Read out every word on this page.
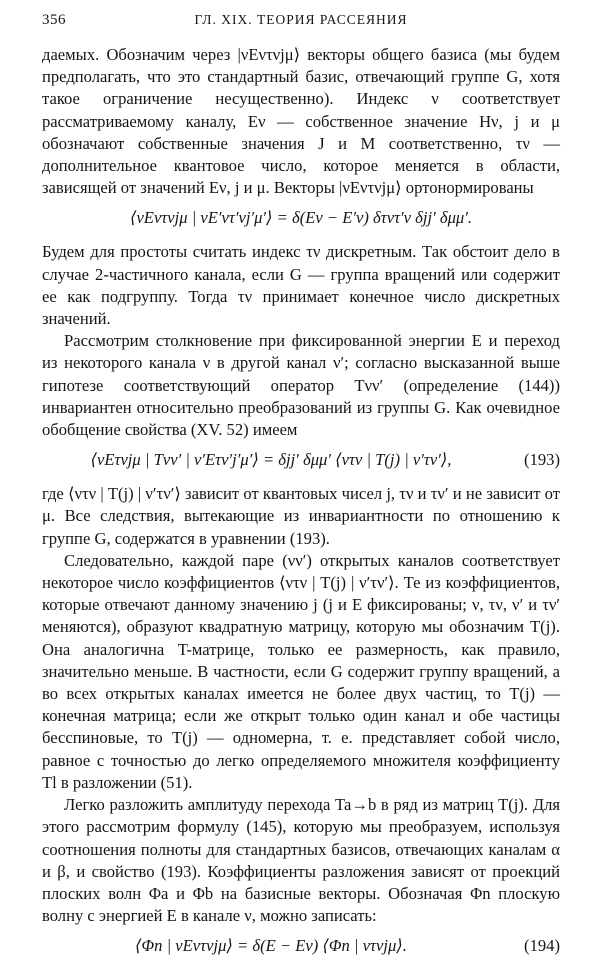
356	ГЛ. XIX. ТЕОРИЯ РАССЕЯНИЯ

даемых. Обозначим через |νEντνjμ⟩ векторы общего базиса (мы будем предполагать, что это стандартный базис, отвечающий группе G, хотя такое ограничение несущественно). Индекс ν соответствует рассматриваемому каналу, Eν — собственное значение Hν, j и μ обозначают собственные значения J и M соответственно, τν — дополнительное квантовое число, которое меняется в области, зависящей от значений Eν, j и μ. Векторы |νEντνjμ⟩ ортонормированы

⟨νEντνjμ | νE′ντ′νj′μ′⟩ = δ(Eν − E′ν) δτντ′ν δjj′ δμμ′.

Будем для простоты считать индекс τν дискретным. Так обстоит дело в случае 2-частичного канала, если G — группа вращений или содержит ее как подгруппу. Тогда τν принимает конечное число дискретных значений.

Рассмотрим столкновение при фиксированной энергии E и переход из некоторого канала ν в другой канал ν′; согласно высказанной выше гипотезе соответствующий оператор Tνν′ (определение (144)) инвариантен относительно преобразований из группы G. Как очевидное обобщение свойства (XV. 52) имеем

⟨νEτνjμ | Tνν′ | ν′Eτν′j′μ′⟩ = δjj′ δμμ′ ⟨ντν | T(j) | ν′τν′⟩,	(193)

где ⟨ντν | T(j) | ν′τν′⟩ зависит от квантовых чисел j, τν и τν′ и не зависит от μ. Все следствия, вытекающие из инвариантности по отношению к группе G, содержатся в уравнении (193).

Следовательно, каждой паре (νν′) открытых каналов соответствует некоторое число коэффициентов ⟨ντν | T(j) | ν′τν′⟩. Те из коэффициентов, которые отвечают данному значению j (j и E фиксированы; ν, τν, ν′ и τν′ меняются), образуют квадратную матрицу, которую мы обозначим T(j). Она аналогична T-матрице, только ее размерность, как правило, значительно меньше. В частности, если G содержит группу вращений, а во всех открытых каналах имеется не более двух частиц, то T(j) — конечная матрица; если же открыт только один канал и обе частицы бесспиновые, то T(j) — одномерна, т. е. представляет собой число, равное с точностью до легко определяемого множителя коэффициенту Tl в разложении (51).

Легко разложить амплитуду перехода Ta→b в ряд из матриц T(j). Для этого рассмотрим формулу (145), которую мы преобразуем, используя соотношения полноты для стандартных базисов, отвечающих каналам α и β, и свойство (193). Коэффициенты разложения зависят от проекций плоских волн Φa и Φb на базисные векторы. Обозначая Φn плоскую волну с энергией E в канале ν, можно записать:

⟨Φn | νEντνjμ⟩ = δ(E − Eν) ⟨Φn | ντνjμ⟩.	(194)
